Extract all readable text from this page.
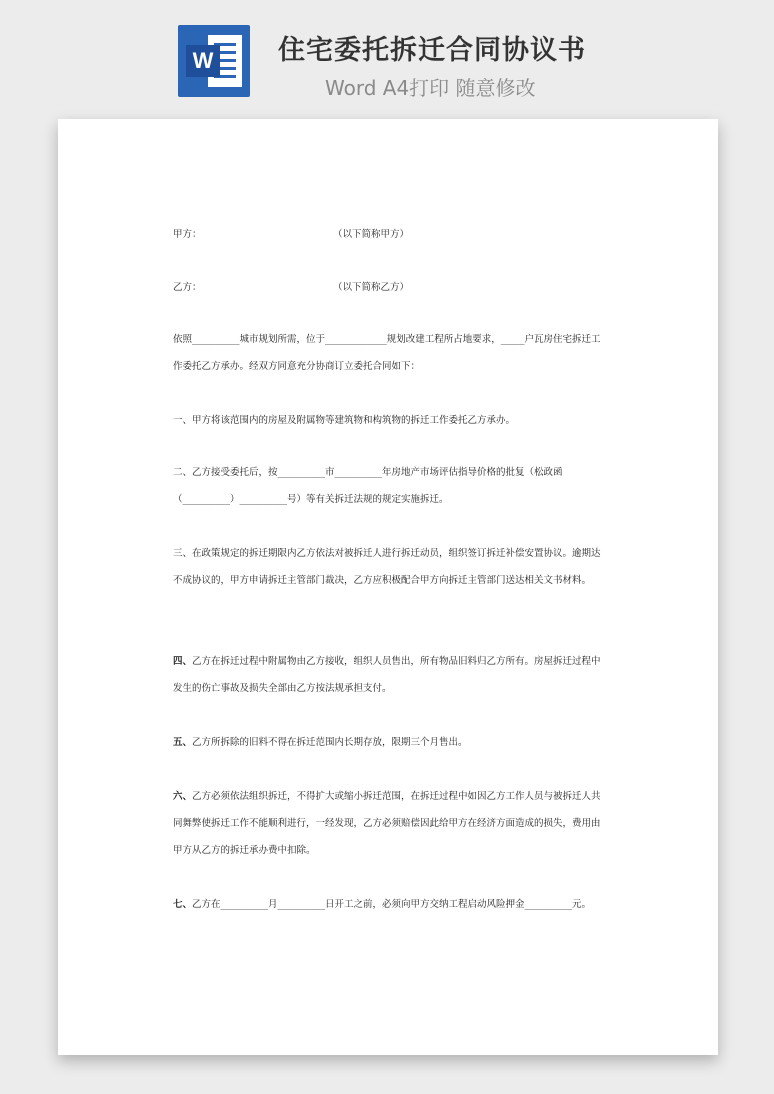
W 住宅委托拆迁合同协议书
Word A4打印 随意修改

甲方：	（以下简称甲方）
乙方：	（以下简称乙方）
依照__________城市规划所需，位于_____________规划改建工程所占地要求，_____户瓦房住宅拆迁工作委托乙方承办。经双方同意充分协商订立委托合同如下：
一、甲方将该范围内的房屋及附属物等建筑物和构筑物的拆迁工作委托乙方承办。
二、乙方接受委托后，按__________市__________年房地产市场评估指导价格的批复（松政函（__________）__________号）等有关拆迁法规的规定实施拆迁。
三、在政策规定的拆迁期限内乙方依法对被拆迁人进行拆迁动员，组织签订拆迁补偿安置协议。逾期达不成协议的，甲方申请拆迁主管部门裁决，乙方应积极配合甲方向拆迁主管部门送达相关文书材料。
四、乙方在拆迁过程中附属物由乙方接收，组织人员售出，所有物品旧料归乙方所有。房屋拆迁过程中发生的伤亡事故及损失全部由乙方按法规承担支付。
五、乙方所拆除的旧料不得在拆迁范围内长期存放，限期三个月售出。
六、乙方必须依法组织拆迁，不得扩大或缩小拆迁范围，在拆迁过程中如因乙方工作人员与被拆迁人共同舞弊使拆迁工作不能顺利进行，一经发现，乙方必须赔偿因此给甲方在经济方面造成的损失，费用由甲方从乙方的拆迁承办费中扣除。
七、乙方在__________月__________日开工之前，必须向甲方交纳工程启动风险押金__________元。
